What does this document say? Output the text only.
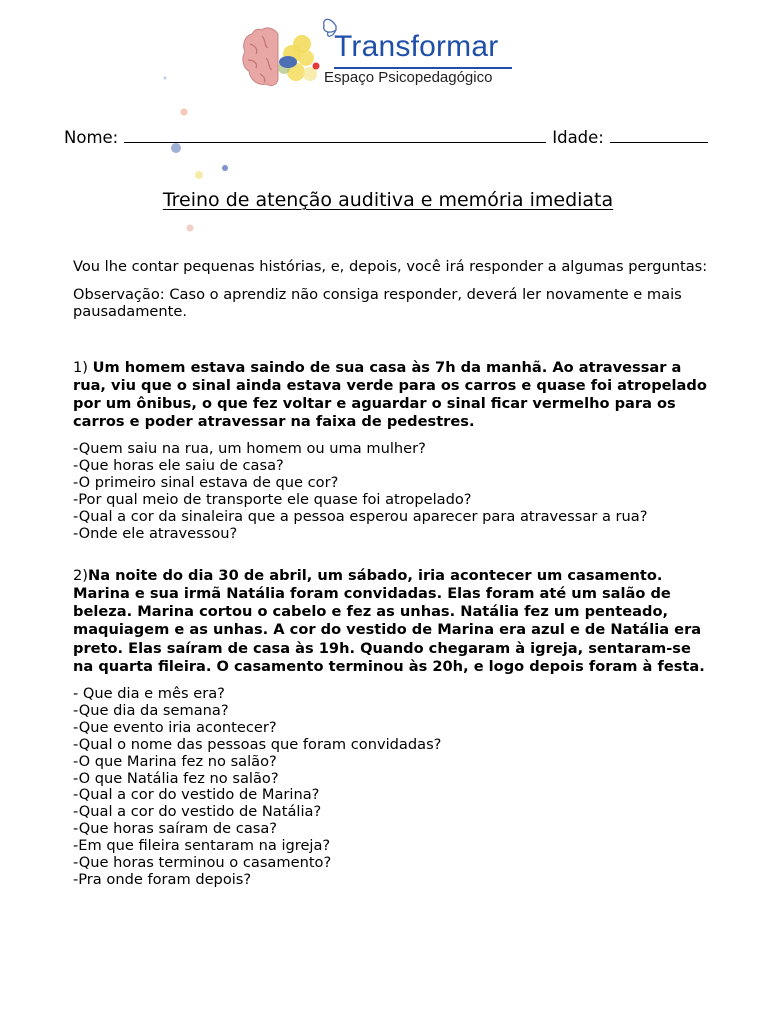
Transformar
Espaço Psicopedagógico
Nome:	Idade:
Treino de atenção auditiva e memória imediata

Vou lhe contar pequenas histórias, e, depois, você irá responder a algumas perguntas:

Observação: Caso o aprendiz não consiga responder, deverá ler novamente e mais pausadamente.

1) Um homem estava saindo de sua casa às 7h da manhã. Ao atravessar a rua, viu que o sinal ainda estava verde para os carros e quase foi atropelado por um ônibus, o que fez voltar e aguardar o sinal ficar vermelho para os carros e poder atravessar na faixa de pedestres.

-Quem saiu na rua, um homem ou uma mulher?
-Que horas ele saiu de casa?
-O primeiro sinal estava de que cor?
-Por qual meio de transporte ele quase foi atropelado?
-Qual a cor da sinaleira que a pessoa esperou aparecer para atravessar a rua?
-Onde ele atravessou?

2)Na noite do dia 30 de abril, um sábado, iria acontecer um casamento. Marina e sua irmã Natália foram convidadas. Elas foram até um salão de beleza. Marina cortou o cabelo e fez as unhas. Natália fez um penteado, maquiagem e as unhas. A cor do vestido de Marina era azul e de Natália era preto. Elas saíram de casa às 19h. Quando chegaram à igreja, sentaram-se na quarta fileira. O casamento terminou às 20h, e logo depois foram à festa.

- Que dia e mês era?
-Que dia da semana?
-Que evento iria acontecer?
-Qual o nome das pessoas que foram convidadas?
-O que Marina fez no salão?
-O que Natália fez no salão?
-Qual a cor do vestido de Marina?
-Qual a cor do vestido de Natália?
-Que horas saíram de casa?
-Em que fileira sentaram na igreja?
-Que horas terminou o casamento?
-Pra onde foram depois?
